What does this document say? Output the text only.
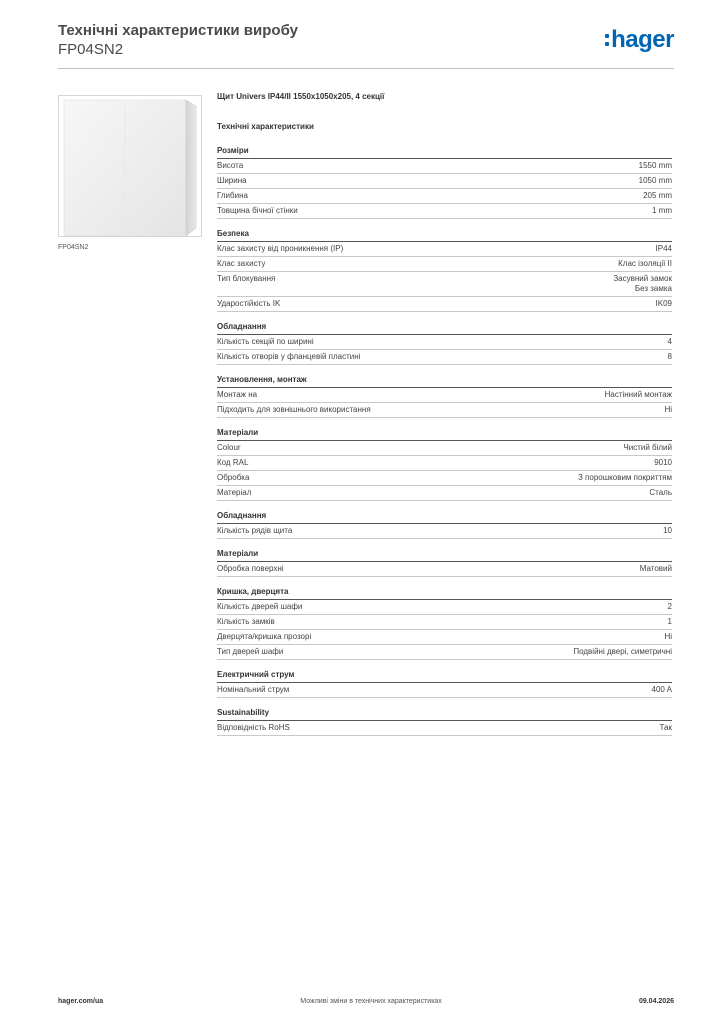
Технічні характеристики виробу
FP04SN2	hager
FP04SN2
Щит Univers IP44/II 1550x1050x205, 4 секції
Технічні характеристики
Розміри
Висота	1550 mm
Ширина	1050 mm
Глибина	205 mm
Товщина бічної стінки	1 mm
Безпека
Клас захисту від проникнення (IP)	IP44
Клас захисту	Клас ізоляції II
Тип блокування	Засувний замок
Без замка
Ударостійкість IK	IK09
Обладнання
Кількість секцій по ширині	4
Кількість отворів у фланцевій пластині	8
Установлення, монтаж
Монтаж на	Настінний монтаж
Підходить для зовнішнього використання	Ні
Матеріали
Colour	Чистий білий
Код RAL	9010
Обробка	З порошковим покриттям
Матеріал	Сталь
Обладнання
Кількість рядів щита	10
Матеріали
Обробка поверхні	Матовий
Кришка, дверцята
Кількість дверей шафи	2
Кількість замків	1
Дверцята/кришка прозорі	Ні
Тип дверей шафи	Подвійні двері, симетричні
Електричний струм
Номінальний струм	400 A
Sustainability
Відповідність RoHS	Так
hager.com/ua	Можливі зміни в технічних характеристиках	09.04.2026
